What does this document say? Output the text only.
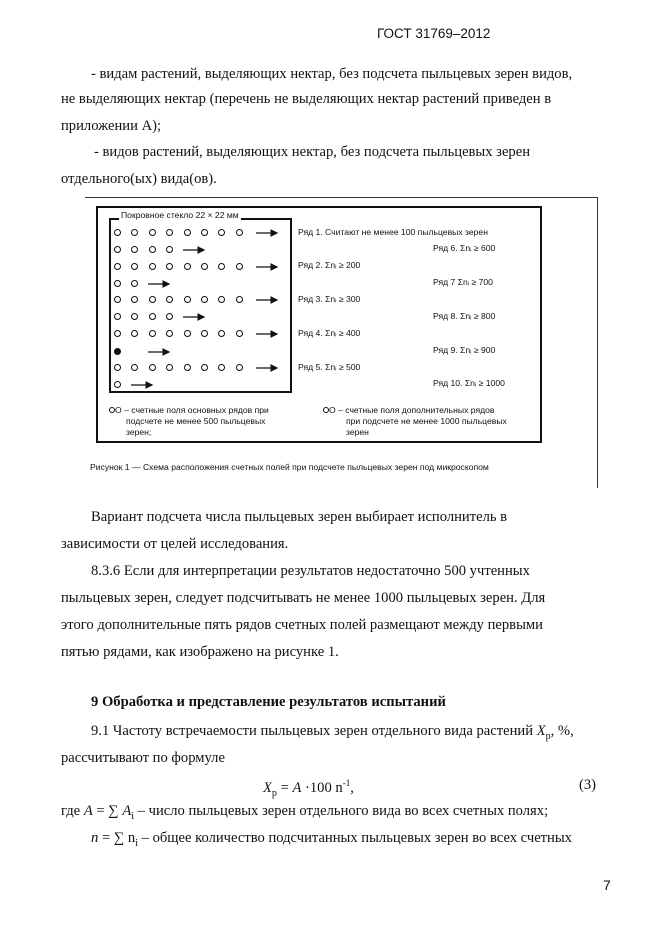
ГОСТ 31769–2012
- видам растений, выделяющих нектар, без подсчета пыльцевых зерен видов,
не выделяющих нектар (перечень не выделяющих нектар растений приведен в
приложении А);
- видов растений, выделяющих нектар, без подсчета пыльцевых зерен
отдельного(ых) вида(ов).
Покровное стекло 22 × 22 мм
Ряд 1. Считают не менее 100 пыльцевых зерен
Ряд 2. Σnᵢ ≥ 200
Ряд 3. Σnᵢ ≥ 300
Ряд 4. Σnᵢ ≥ 400
Ряд 5. Σnᵢ ≥ 500
Ряд 6. Σnᵢ ≥ 600
Ряд 7 Σnᵢ ≥ 700
Ряд 8. Σnᵢ ≥ 800
Ряд 9. Σnᵢ ≥ 900
Ряд 10. Σnᵢ ≥ 1000
О – счетные поля основных рядов при
подсчете не менее 500 пыльцевых
зерен;
О – счетные поля дополнительных рядов
при подсчете не менее 1000 пыльцевых
зерен
Рисунок 1 — Схема расположения счетных полей при подсчете пыльцевых зерен под микроскопом
Вариант подсчета числа пыльцевых зерен выбирает исполнитель в
зависимости от целей исследования.
8.3.6 Если для интерпретации результатов недостаточно 500 учтенных
пыльцевых зерен, следует подсчитывать не менее 1000 пыльцевых зерен. Для
этого дополнительные пять рядов счетных полей размещают между первыми
пятью рядами, как изображено на рисунке 1.
9 Обработка и представление результатов испытаний
9.1 Частоту встречаемости пыльцевых зерен отдельного вида растений $X_p$, %,
рассчитывают по формуле
$X_p = A \cdot 100$ $n^{-1}$,	(3)
где A = ∑ $A_i$ – число пыльцевых зерен отдельного вида во всех счетных полях;
n = ∑ $n_i$ – общее количество подсчитанных пыльцевых зерен во всех счетных
7
